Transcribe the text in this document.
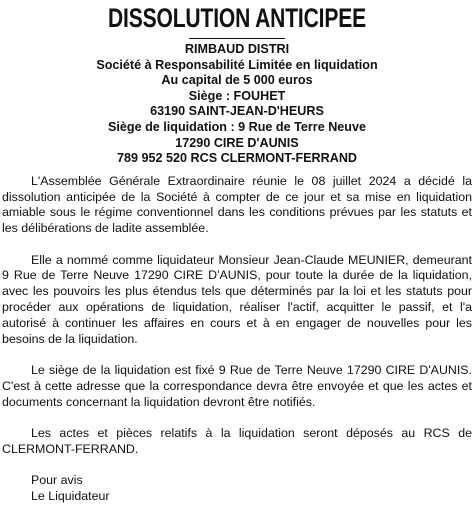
DISSOLUTION ANTICIPEE
RIMBAUD DISTRI
Société à Responsabilité Limitée en liquidation
Au capital de 5 000 euros
Siège : FOUHET
63190 SAINT-JEAN-D'HEURS
Siège de liquidation : 9 Rue de Terre Neuve
17290 CIRE D'AUNIS
789 952 520 RCS CLERMONT-FERRAND

L'Assemblée Générale Extraordinaire réunie le 08 juillet 2024 a décidé la dissolution anticipée de la Société à compter de ce jour et sa mise en liquidation amiable sous le régime conventionnel dans les conditions prévues par les statuts et les délibérations de ladite assemblée.

Elle a nommé comme liquidateur Monsieur Jean-Claude MEUNIER, demeurant 9 Rue de Terre Neuve 17290 CIRE D'AUNIS, pour toute la durée de la liquidation, avec les pouvoirs les plus étendus tels que déterminés par la loi et les statuts pour procéder aux opérations de liquidation, réaliser l'actif, acquitter le passif, et l'a autorisé à continuer les affaires en cours et à en engager de nouvelles pour les besoins de la liquidation.

Le siège de la liquidation est fixé 9 Rue de Terre Neuve 17290 CIRE D'AUNIS. C'est à cette adresse que la correspondance devra être envoyée et que les actes et documents concernant la liquidation devront être notifiés.

Les actes et pièces relatifs à la liquidation seront déposés au RCS de CLERMONT-FERRAND.

Pour avis
Le Liquidateur
